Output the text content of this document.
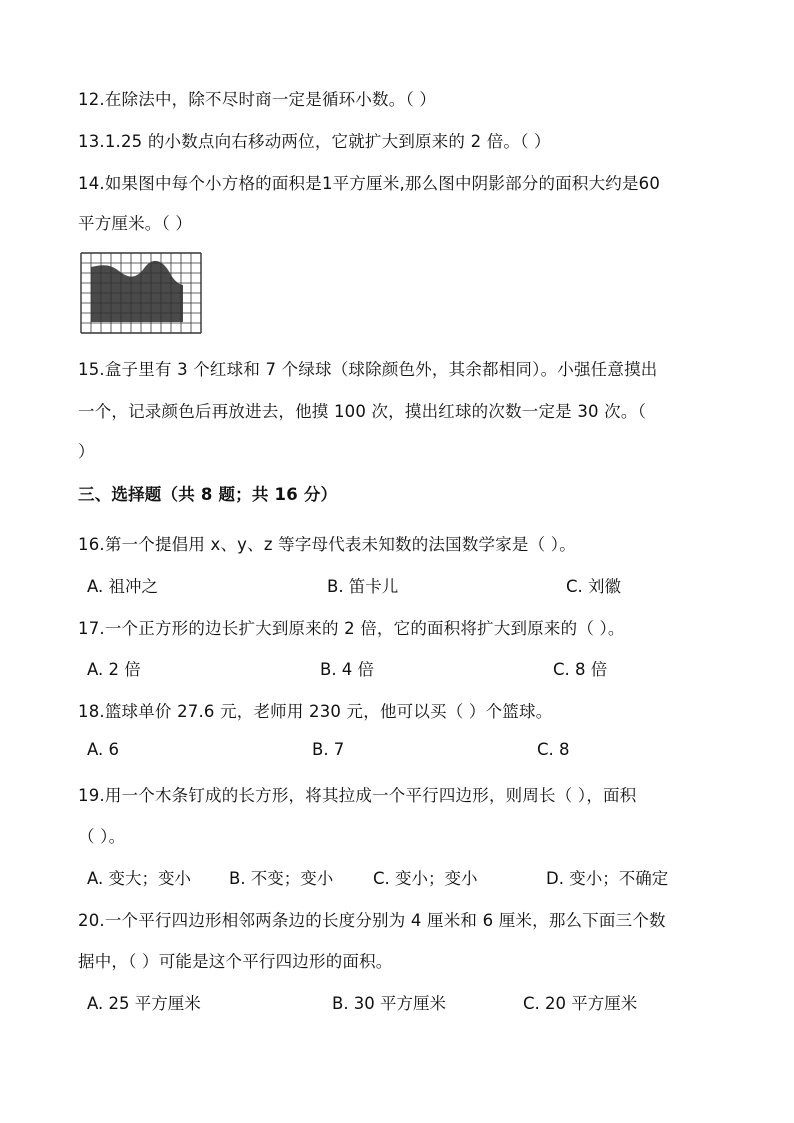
12.在除法中，除不尽时商一定是循环小数。（ ）
13.1.25 的小数点向右移动两位，它就扩大到原来的 2 倍。（ ）
14.如果图中每个小方格的面积是1平方厘米,那么图中阴影部分的面积大约是60
平方厘米。（ ）
15.盒子里有 3 个红球和 7 个绿球（球除颜色外，其余都相同）。小强任意摸出
一个，记录颜色后再放进去，他摸 100 次，摸出红球的次数一定是 30 次。（
）
三、选择题（共 8 题；共 16 分）
16.第一个提倡用 x、y、z 等字母代表未知数的法国数学家是（ ）。
A. 祖冲之	B. 笛卡儿	C. 刘徽
17.一个正方形的边长扩大到原来的 2 倍，它的面积将扩大到原来的（ ）。
A. 2 倍	B. 4 倍	C. 8 倍
18.篮球单价 27.6 元，老师用 230 元，他可以买（ ）个篮球。
A. 6	B. 7	C. 8
19.用一个木条钉成的长方形，将其拉成一个平行四边形，则周长（ ），面积
（ ）。
A. 变大；变小 B. 不变；变小 C. 变小；变小	D. 变小；不确定
20.一个平行四边形相邻两条边的长度分别为 4 厘米和 6 厘米，那么下面三个数
据中，（ ）可能是这个平行四边形的面积。
A. 25 平方厘米	B. 30 平方厘米	C. 20 平方厘米
